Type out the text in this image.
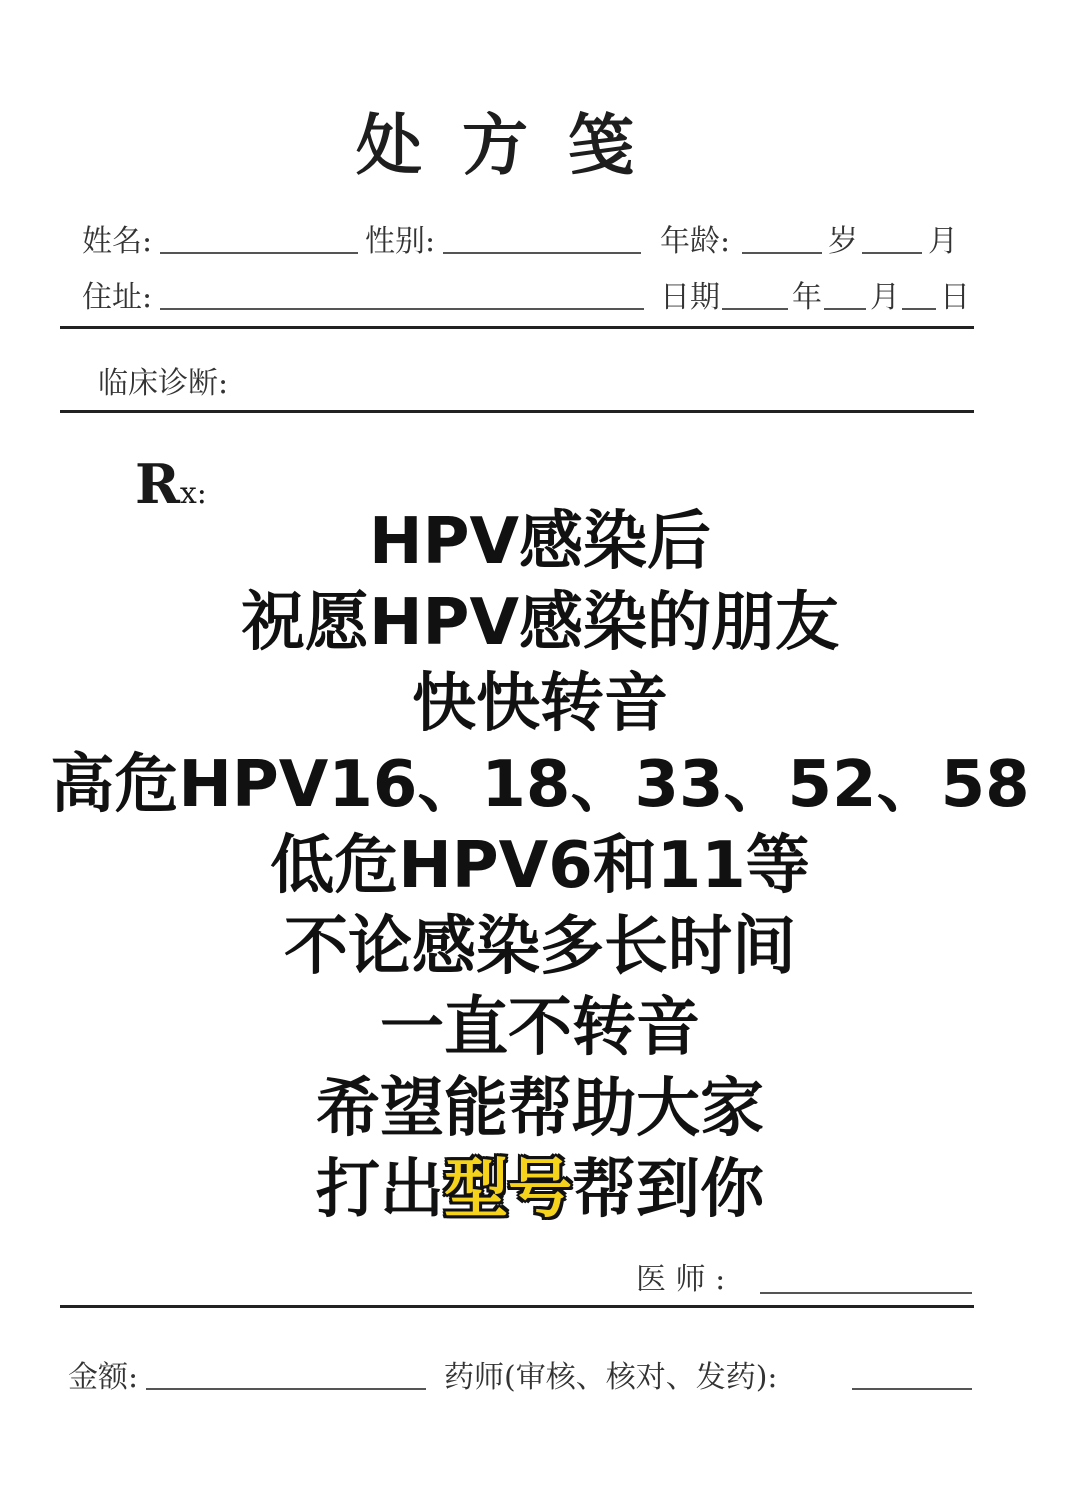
处方笺
姓名:	性别:	年龄:	岁 月
住址:	日期 年 月 日
临床诊断:
Rx:
HPV感染后
祝愿HPV感染的朋友
快快转音
高危HPV16、18、33、52、58
低危HPV6和11等
不论感染多长时间
一直不转音
希望能帮助大家
打出型号帮到你
医 师 :
金额:	药师(审核、核对、发药):
